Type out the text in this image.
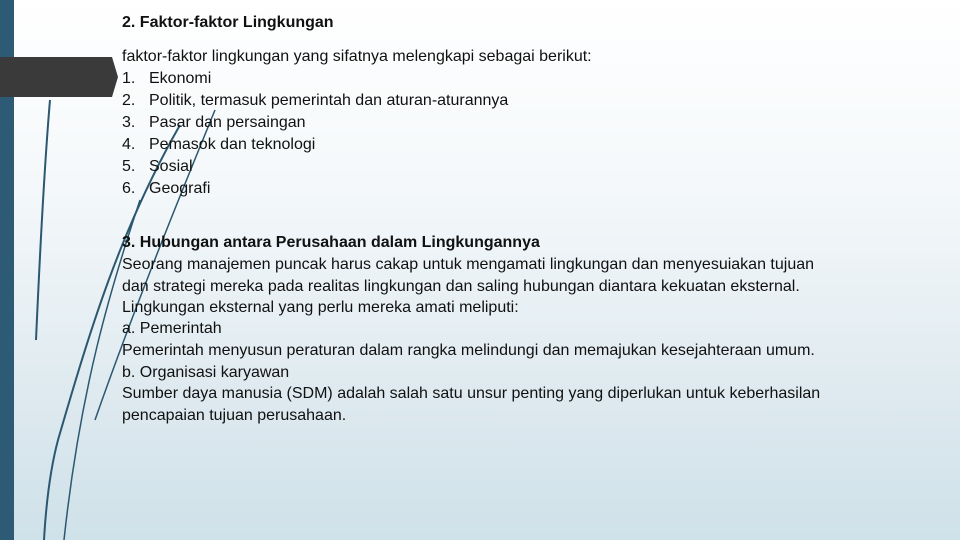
2. Faktor-faktor Lingkungan
faktor-faktor lingkungan yang sifatnya melengkapi sebagai berikut:
1. Ekonomi
2. Politik, termasuk pemerintah dan aturan-aturannya
3. Pasar dan persaingan
4. Pemasok dan teknologi
5. Sosial
6. Geografi
3. Hubungan antara Perusahaan dalam Lingkungannya
Seorang manajemen puncak harus cakap untuk mengamati lingkungan dan menyesuiakan tujuan
dan strategi mereka pada realitas lingkungan dan saling hubungan diantara kekuatan eksternal.
Lingkungan eksternal yang perlu mereka amati meliputi:
a. Pemerintah
Pemerintah menyusun peraturan dalam rangka melindungi dan memajukan kesejahteraan umum.
b. Organisasi karyawan
Sumber daya manusia (SDM) adalah salah satu unsur penting yang diperlukan untuk keberhasilan
pencapaian tujuan perusahaan.
